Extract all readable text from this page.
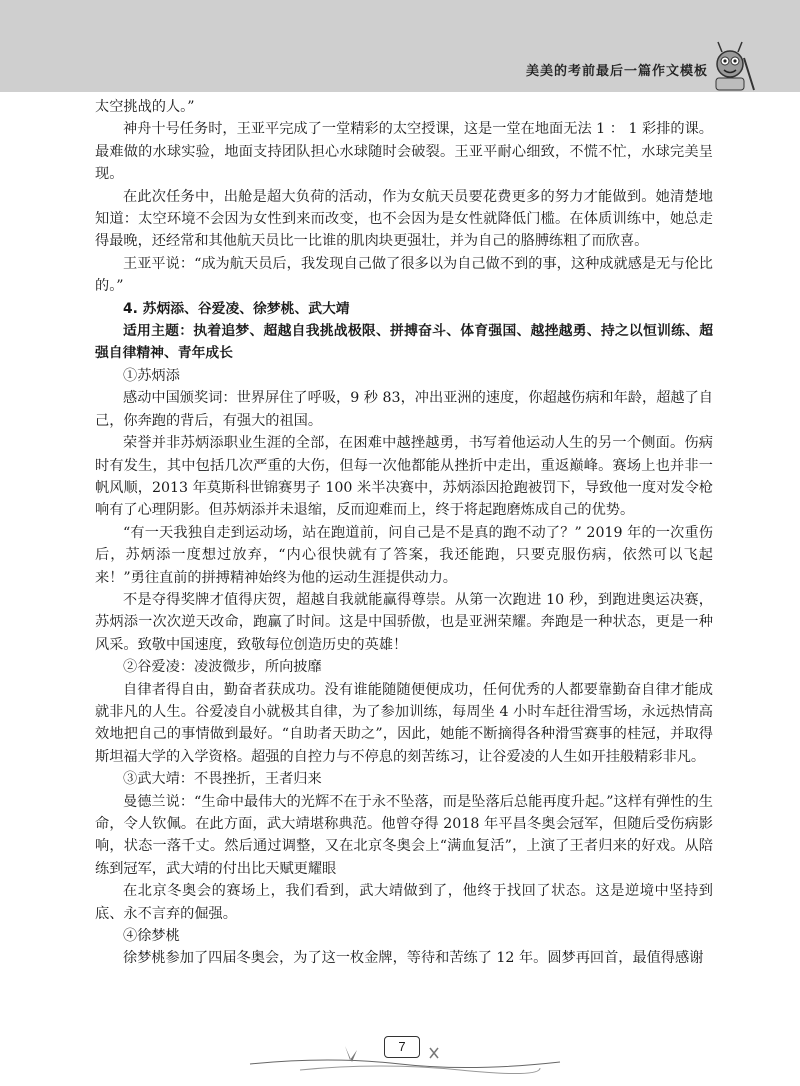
美美的考前最后一篇作文模板

太空挑战的人。”

神舟十号任务时，王亚平完成了一堂精彩的太空授课，这是一堂在地面无法 1 ： 1 彩排的课。最难做的水球实验，地面支持团队担心水球随时会破裂。王亚平耐心细致，不慌不忙，水球完美呈现。

在此次任务中，出舱是超大负荷的活动，作为女航天员要花费更多的努力才能做到。她清楚地知道：太空环境不会因为女性到来而改变，也不会因为是女性就降低门槛。在体质训练中，她总走得最晚，还经常和其他航天员比一比谁的肌肉块更强壮，并为自己的胳膊练粗了而欣喜。

王亚平说：“成为航天员后，我发现自己做了很多以为自己做不到的事，这种成就感是无与伦比的。”

4. 苏炳添、谷爱凌、徐梦桃、武大靖

适用主题：执着追梦、超越自我挑战极限、拼搏奋斗、体育强国、越挫越勇、持之以恒训练、超强自律精神、青年成长

①苏炳添

感动中国颁奖词：世界屏住了呼吸，9 秒 83，冲出亚洲的速度，你超越伤病和年龄，超越了自己，你奔跑的背后，有强大的祖国。

荣誉并非苏炳添职业生涯的全部，在困难中越挫越勇，书写着他运动人生的另一个侧面。伤病时有发生，其中包括几次严重的大伤，但每一次他都能从挫折中走出，重返巅峰。赛场上也并非一帆风顺，2013 年莫斯科世锦赛男子 100 米半决赛中，苏炳添因抢跑被罚下，导致他一度对发令枪响有了心理阴影。但苏炳添并未退缩，反而迎难而上，终于将起跑磨炼成自己的优势。

“有一天我独自走到运动场，站在跑道前，问自己是不是真的跑不动了？” 2019 年的一次重伤后，苏炳添一度想过放弃，“内心很快就有了答案，我还能跑，只要克服伤病，依然可以飞起来！”勇往直前的拼搏精神始终为他的运动生涯提供动力。

不是夺得奖牌才值得庆贺，超越自我就能赢得尊崇。从第一次跑进 10 秒，到跑进奥运决赛，苏炳添一次次逆天改命，跑赢了时间。这是中国骄傲，也是亚洲荣耀。奔跑是一种状态，更是一种风采。致敬中国速度，致敬每位创造历史的英雄！

②谷爱凌：凌波微步，所向披靡

自律者得自由，勤奋者获成功。没有谁能随随便便成功，任何优秀的人都要靠勤奋自律才能成就非凡的人生。谷爱凌自小就极其自律，为了参加训练，每周坐 4 小时车赶往滑雪场，永远热情高效地把自己的事情做到最好。“自助者天助之”，因此，她能不断摘得各种滑雪赛事的桂冠，并取得斯坦福大学的入学资格。超强的自控力与不停息的刻苦练习，让谷爱凌的人生如开挂般精彩非凡。

③武大靖：不畏挫折，王者归来

曼德兰说：“生命中最伟大的光辉不在于永不坠落，而是坠落后总能再度升起。”这样有弹性的生命，令人钦佩。在此方面，武大靖堪称典范。他曾夺得 2018 年平昌冬奥会冠军，但随后受伤病影响，状态一落千丈。然后通过调整，又在北京冬奥会上“满血复活”，上演了王者归来的好戏。从陪练到冠军，武大靖的付出比天赋更耀眼

在北京冬奥会的赛场上，我们看到，武大靖做到了，他终于找回了状态。这是逆境中坚持到底、永不言弃的倔强。

④徐梦桃

徐梦桃参加了四届冬奥会，为了这一枚金牌，等待和苦练了 12 年。圆梦再回首，最值得感谢

7
